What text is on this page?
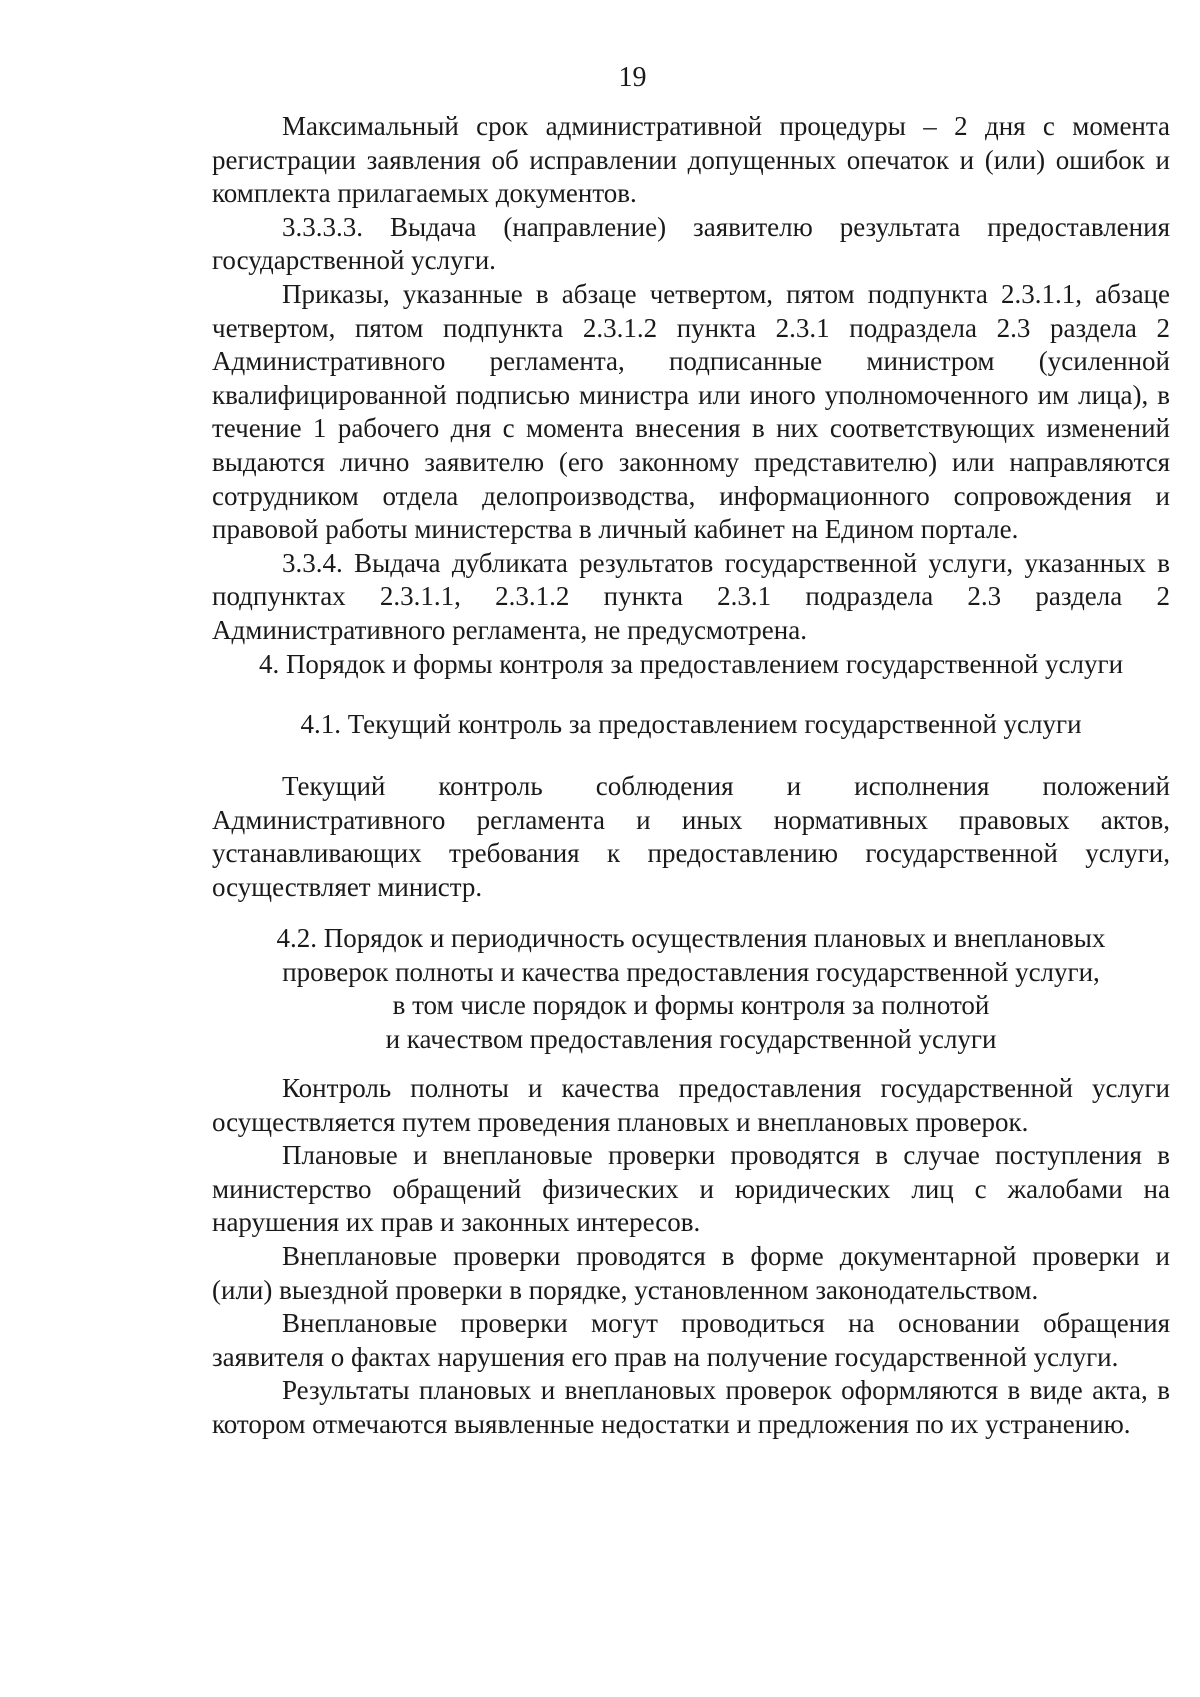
19

Максимальный срок административной процедуры – 2 дня с момента регистрации заявления об исправлении допущенных опечаток и (или) ошибок и комплекта прилагаемых документов.

3.3.3.3. Выдача (направление) заявителю результата предоставления государственной услуги.

Приказы, указанные в абзаце четвертом, пятом подпункта 2.3.1.1, абзаце четвертом, пятом подпункта 2.3.1.2 пункта 2.3.1 подраздела 2.3 раздела 2 Административного регламента, подписанные министром (усиленной квалифицированной подписью министра или иного уполномоченного им лица), в течение 1 рабочего дня с момента внесения в них соответствующих изменений выдаются лично заявителю (его законному представителю) или направляются сотрудником отдела делопроизводства, информационного сопровождения и правовой работы министерства в личный кабинет на Едином портале.

3.3.4. Выдача дубликата результатов государственной услуги, указанных в подпунктах 2.3.1.1, 2.3.1.2 пункта 2.3.1 подраздела 2.3 раздела 2 Административного регламента, не предусмотрена.

4. Порядок и формы контроля за предоставлением государственной услуги
4.1. Текущий контроль за предоставлением государственной услуги

Текущий контроль соблюдения и исполнения положений Административного регламента и иных нормативных правовых актов, устанавливающих требования к предоставлению государственной услуги, осуществляет министр.

4.2. Порядок и периодичность осуществления плановых и внеплановых
проверок полноты и качества предоставления государственной услуги,
в том числе порядок и формы контроля за полнотой
и качеством предоставления государственной услуги

Контроль полноты и качества предоставления государственной услуги осуществляется путем проведения плановых и внеплановых проверок.

Плановые и внеплановые проверки проводятся в случае поступления в министерство обращений физических и юридических лиц с жалобами на нарушения их прав и законных интересов.

Внеплановые проверки проводятся в форме документарной проверки и (или) выездной проверки в порядке, установленном законодательством.

Внеплановые проверки могут проводиться на основании обращения заявителя о фактах нарушения его прав на получение государственной услуги.

Результаты плановых и внеплановых проверок оформляются в виде акта, в котором отмечаются выявленные недостатки и предложения по их устранению.
